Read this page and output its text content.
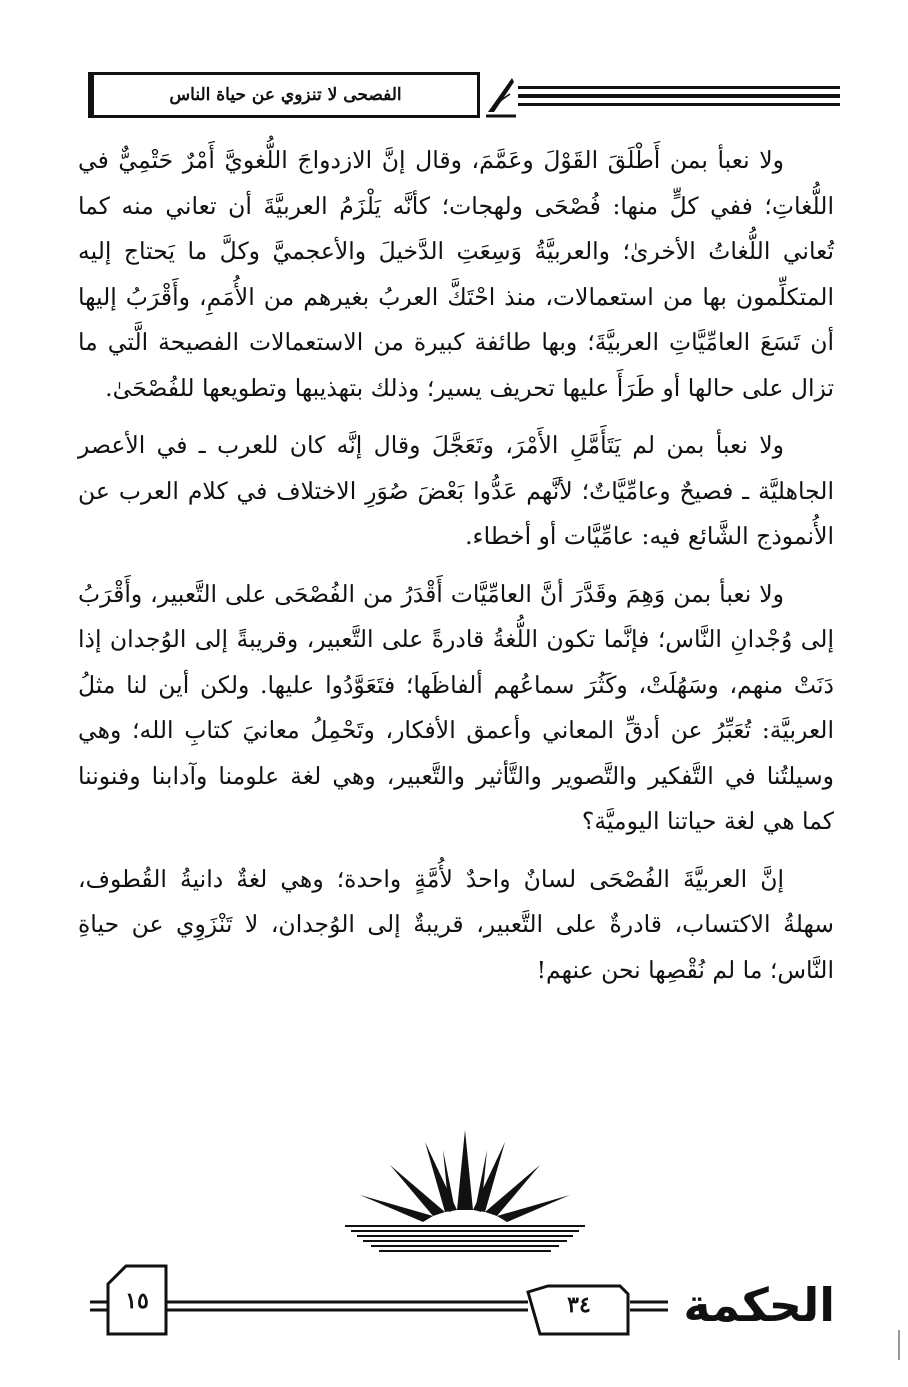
الفصحى لا تنزوي عن حياة الناس

ولا نعبأ بمن أَطْلَقَ القَوْلَ وعَمَّمَ، وقال إنَّ الازدواجَ اللُّغويَّ أَمْرٌ حَتْمِيٌّ في اللُّغاتِ؛ ففي كلٍّ منها: فُصْحَى ولهجات؛ كأنَّه يَلْزَمُ العربيَّةَ أن تعاني منه كما تُعاني اللُّغاتُ الأخرىٰ؛ والعربيَّةُ وَسِعَتِ الدَّخيلَ والأعجميَّ وكلَّ ما يَحتاج إليه المتكلِّمون بها من استعمالات، منذ احْتَكَّ العربُ بغيرهم من الأُمَمِ، وأَقْرَبُ إليها أن تَسَعَ العامِّيَّاتِ العربيَّةَ؛ وبها طائفة كبيرة من الاستعمالات الفصيحة الَّتي ما تزال على حالها أو طَرَأَ عليها تحريف يسير؛ وذلك بتهذيبها وتطويعها للفُصْحَىٰ.

ولا نعبأ بمن لم يَتَأَمَّلِ الأَمْرَ، وتَعَجَّلَ وقال إنَّه كان للعرب ـ في الأعصر الجاهليَّة ـ فصيحٌ وعامِّيَّاتٌ؛ لأنَّهم عَدُّوا بَعْضَ صُوَرِ الاختلاف في كلام العرب عن الأُنموذج الشَّائع فيه: عامِّيَّات أو أخطاء.

ولا نعبأ بمن وَهِمَ وقَدَّرَ أنَّ العامِّيَّات أَقْدَرُ من الفُصْحَى على التَّعبير، وأَقْرَبُ إلى وُجْدانِ النَّاس؛ فإنَّما تكون اللُّغةُ قادرةً على التَّعبير، وقريبةً إلى الوُجدان إذا دَنَتْ منهم، وسَهُلَتْ، وكَثُرَ سماعُهم ألفاظَها؛ فتَعَوَّدُوا عليها. ولكن أين لنا مثلُ العربيَّة: تُعَبِّرُ عن أدقِّ المعاني وأعمق الأفكار، وتَحْمِلُ معانيَ كتابِ الله؛ وهي وسيلتُنا في التَّفكير والتَّصوير والتَّأثير والتَّعبير، وهي لغة علومنا وآدابنا وفنوننا كما هي لغة حياتنا اليوميَّة؟

إنَّ العربيَّةَ الفُصْحَى لسانٌ واحدٌ لأُمَّةٍ واحدة؛ وهي لغةٌ دانيةُ القُطوف، سهلةُ الاكتساب، قادرةٌ على التَّعبير، قريبةٌ إلى الوُجدان، لا تَنْزَوِي عن حياةِ النَّاس؛ ما لم نُقْصِها نحن عنهم!

١٥	٣٤	الحكمة
